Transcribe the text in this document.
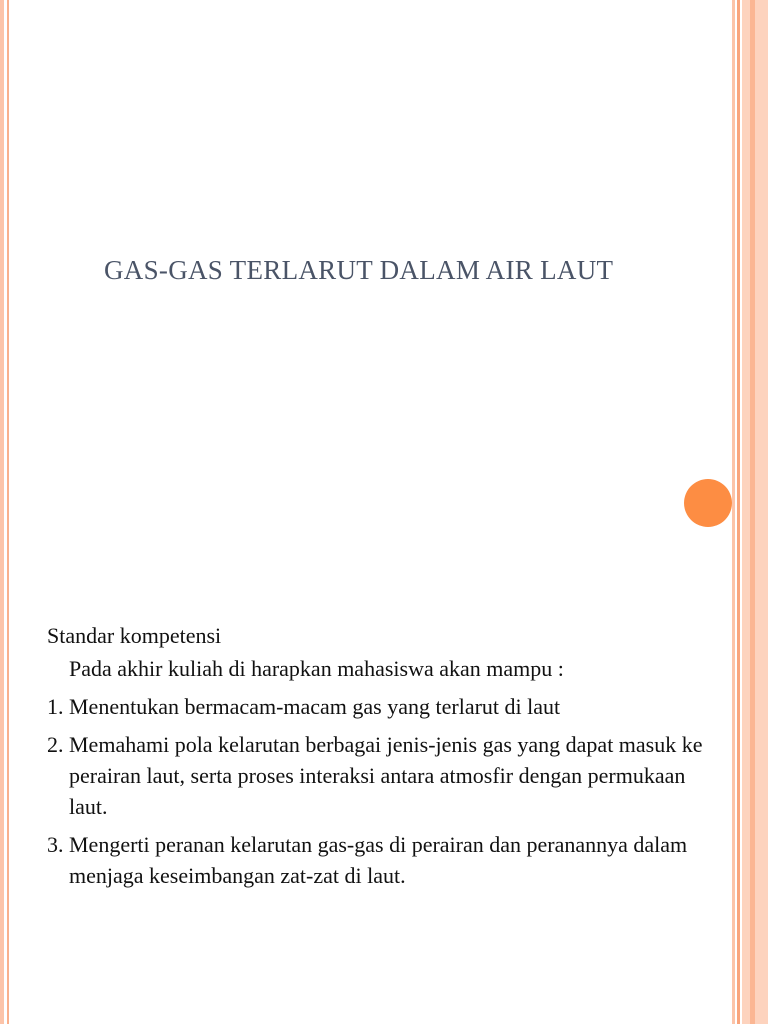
GAS-GAS TERLARUT DALAM AIR LAUT

Standar kompetensi

Pada akhir kuliah di harapkan mahasiswa akan mampu :

1. Menentukan bermacam-macam gas yang terlarut di laut

2. Memahami pola kelarutan berbagai jenis-jenis gas yang dapat masuk ke perairan laut, serta proses interaksi antara atmosfir dengan permukaan laut.

3. Mengerti peranan kelarutan gas-gas di perairan dan peranannya dalam menjaga keseimbangan zat-zat di laut.
